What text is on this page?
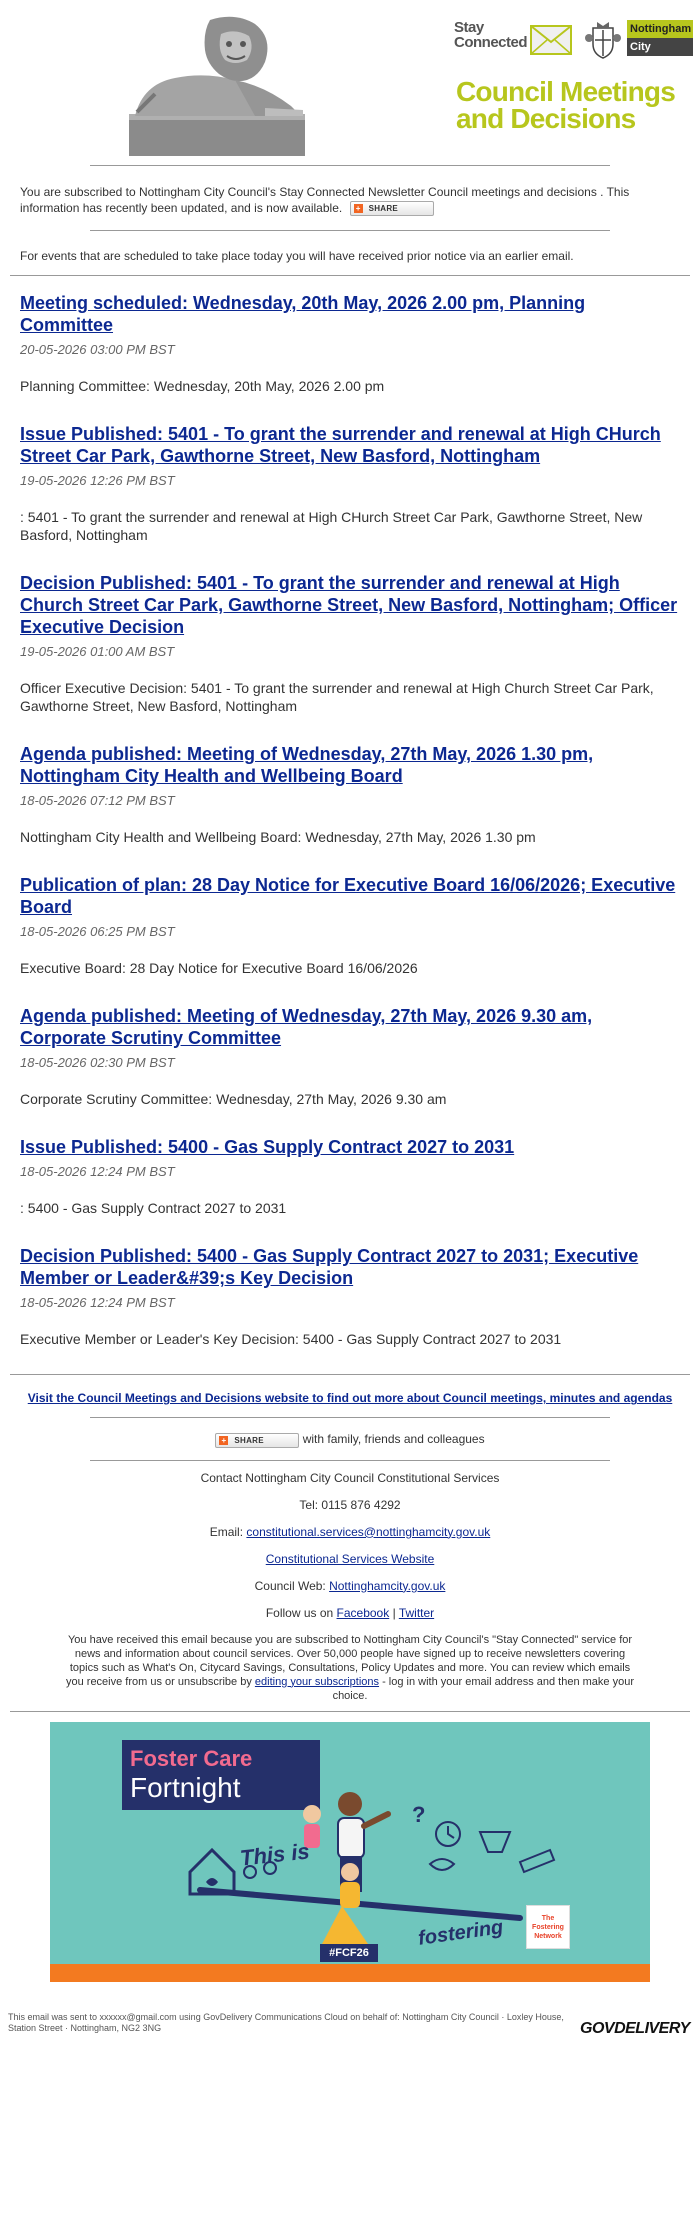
Stay
Connected
Nottingham
City Council
Council Meetings
and Decisions
You are subscribed to Nottingham City Council's Stay Connected Newsletter Council meetings and decisions . This information has recently been updated, and is now available. + SHARE
For events that are scheduled to take place today you will have received prior notice via an earlier email.
Meeting scheduled: Wednesday, 20th May, 2026 2.00 pm, Planning Committee
20-05-2026 03:00 PM BST
Planning Committee: Wednesday, 20th May, 2026 2.00 pm
Issue Published: 5401 - To grant the surrender and renewal at High CHurch Street Car Park, Gawthorne Street, New Basford, Nottingham
19-05-2026 12:26 PM BST
: 5401 - To grant the surrender and renewal at High CHurch Street Car Park, Gawthorne Street, New Basford, Nottingham
Decision Published: 5401 - To grant the surrender and renewal at High Church Street Car Park, Gawthorne Street, New Basford, Nottingham; Officer Executive Decision
19-05-2026 01:00 AM BST
Officer Executive Decision: 5401 - To grant the surrender and renewal at High Church Street Car Park, Gawthorne Street, New Basford, Nottingham
Agenda published: Meeting of Wednesday, 27th May, 2026 1.30 pm, Nottingham City Health and Wellbeing Board
18-05-2026 07:12 PM BST
Nottingham City Health and Wellbeing Board: Wednesday, 27th May, 2026 1.30 pm
Publication of plan: 28 Day Notice for Executive Board 16/06/2026; Executive Board
18-05-2026 06:25 PM BST
Executive Board: 28 Day Notice for Executive Board 16/06/2026
Agenda published: Meeting of Wednesday, 27th May, 2026 9.30 am, Corporate Scrutiny Committee
18-05-2026 02:30 PM BST
Corporate Scrutiny Committee: Wednesday, 27th May, 2026 9.30 am
Issue Published: 5400 - Gas Supply Contract 2027 to 2031
18-05-2026 12:24 PM BST
: 5400 - Gas Supply Contract 2027 to 2031
Decision Published: 5400 - Gas Supply Contract 2027 to 2031; Executive Member or Leader&#39;s Key Decision
18-05-2026 12:24 PM BST
Executive Member or Leader's Key Decision: 5400 - Gas Supply Contract 2027 to 2031
Visit the Council Meetings and Decisions website to find out more about Council meetings, minutes and agendas
+ SHARE	with family, friends and colleagues

Contact Nottingham City Council Constitutional Services

Tel: 0115 876 4292

Email: constitutional.services@nottinghamcity.gov.uk

Constitutional Services Website

Council Web: Nottinghamcity.gov.uk

Follow us on Facebook | Twitter

You have received this email because you are subscribed to Nottingham City Council's "Stay Connected" service for news and information about council services. Over 50,000 people have signed up to receive newsletters covering topics such as What's On, Citycard Savings, Consultations, Policy Updates and more. You can review which emails you receive from us or unsubscribe by editing your subscriptions - log in with your email address and then make your choice.
Foster Care
Fortnight
?
This is
fostering
#FCF26
The Fostering Network
This email was sent to xxxxxx@gmail.com using GovDelivery Communications Cloud on behalf of: Nottingham City Council · Loxley House, Station Street · Nottingham, NG2 3NG	GOVDELIVERY
